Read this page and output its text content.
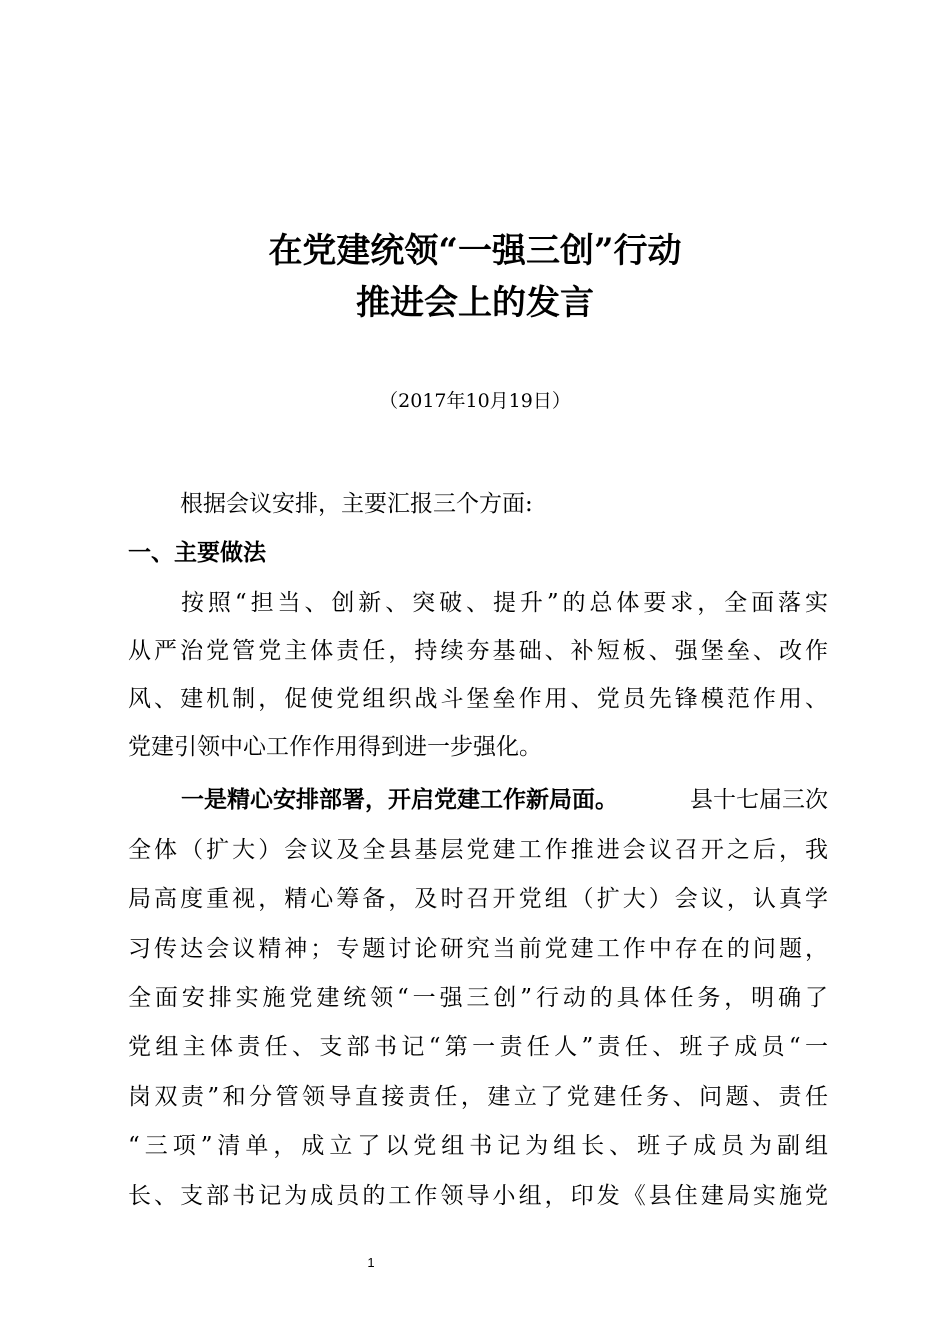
在党建统领“一强三创”行动
推进会上的发言

（2017年10月19日）

根据会议安排，主要汇报三个方面:

一、主要做法

按照“担当、创新、突破、提升”的总体要求，全面落实

从严治党管党主体责任，持续夯基础、补短板、强堡垒、改作

风、建机制，促使党组织战斗堡垒作用、党员先锋模范作用、

党建引领中心工作作用得到进一步强化。

一是精心安排部署，开启党建工作新局面。	县十七届三次

全体（扩大）会议及全县基层党建工作推进会议召开之后，我

局高度重视，精心筹备，及时召开党组（扩大）会议，认真学

习传达会议精神；专题讨论研究当前党建工作中存在的问题，

全面安排实施党建统领“一强三创”行动的具体任务，明确了

党组主体责任、支部书记“第一责任人”责任、班子成员“一

岗双责”和分管领导直接责任，建立了党建任务、问题、责任

“三项”清单，成立了以党组书记为组长、班子成员为副组

长、支部书记为成员的工作领导小组，印发《县住建局实施党

1
